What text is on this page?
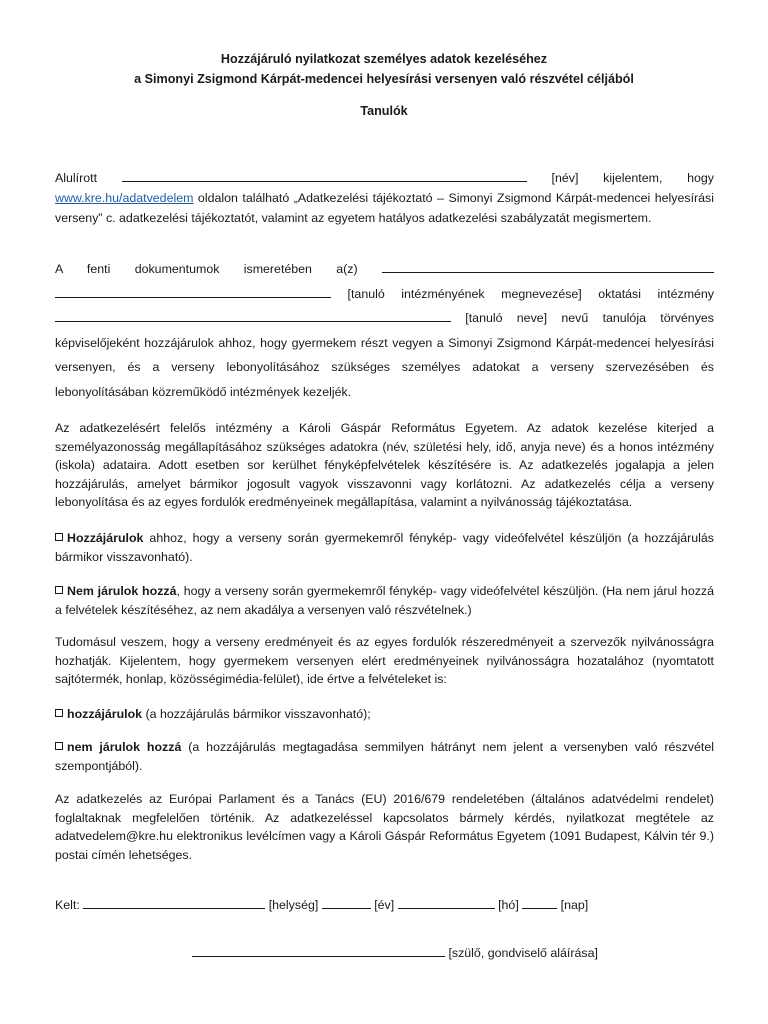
Hozzájáruló nyilatkozat személyes adatok kezeléséhez
a Simonyi Zsigmond Kárpát-medencei helyesírási versenyen való részvétel céljából
Tanulók
Alulírott	[név] kijelentem, hogy
www.kre.hu/adatvedelem oldalon található „Adatkezelési tájékoztató – Simonyi Zsigmond Kárpát-medencei helyesírási verseny” c. adatkezelési tájékoztatót, valamint az egyetem hatályos adatkezelési szabályzatát megismertem.
A fenti dokumentumok ismeretében a(z)
[tanuló intézményének megnevezése] oktatási intézmény
[tanuló neve] nevű tanulója törvényes
képviselőjeként hozzájárulok ahhoz, hogy gyermekem részt vegyen a Simonyi Zsigmond Kárpát-medencei helyesírási versenyen, és a verseny lebonyolításához szükséges személyes adatokat a verseny szervezésében és lebonyolításában közreműködő intézmények kezeljék.
Az adatkezelésért felelős intézmény a Károli Gáspár Református Egyetem. Az adatok kezelése kiterjed a személyazonosság megállapításához szükséges adatokra (név, születési hely, idő, anyja neve) és a honos intézmény (iskola) adataira. Adott esetben sor kerülhet fényképfelvételek készítésére is. Az adatkezelés jogalapja a jelen hozzájárulás, amelyet bármikor jogosult vagyok visszavonni vagy korlátozni. Az adatkezelés célja a verseny lebonyolítása és az egyes fordulók eredményeinek megállapítása, valamint a nyilvánosság tájékoztatása.
Hozzájárulok ahhoz, hogy a verseny során gyermekemről fénykép- vagy videófelvétel készüljön (a hozzájárulás bármikor visszavonható).
Nem járulok hozzá, hogy a verseny során gyermekemről fénykép- vagy videófelvétel készüljön. (Ha nem járul hozzá a felvételek készítéséhez, az nem akadálya a versenyen való részvételnek.)
Tudomásul veszem, hogy a verseny eredményeit és az egyes fordulók részeredményeit a szervezők nyilvánosságra hozhatják. Kijelentem, hogy gyermekem versenyen elért eredményeinek nyilvánosságra hozatalához (nyomtatott sajtótermék, honlap, közösségimédia-felület), ide értve a felvételeket is:
hozzájárulok (a hozzájárulás bármikor visszavonható);
nem járulok hozzá (a hozzájárulás megtagadása semmilyen hátrányt nem jelent a versenyben való részvétel szempontjából).
Az adatkezelés az Európai Parlament és a Tanács (EU) 2016/679 rendeletében (általános adatvédelmi rendelet) foglaltaknak megfelelően történik. Az adatkezeléssel kapcsolatos bármely kérdés, nyilatkozat megtétele az adatvedelem@kre.hu elektronikus levélcímen vagy a Károli Gáspár Református Egyetem (1091 Budapest, Kálvin tér 9.) postai címén lehetséges.
Kelt:	[helység]	[év]	[hó]	[nap]
[szülő, gondviselő aláírása]
